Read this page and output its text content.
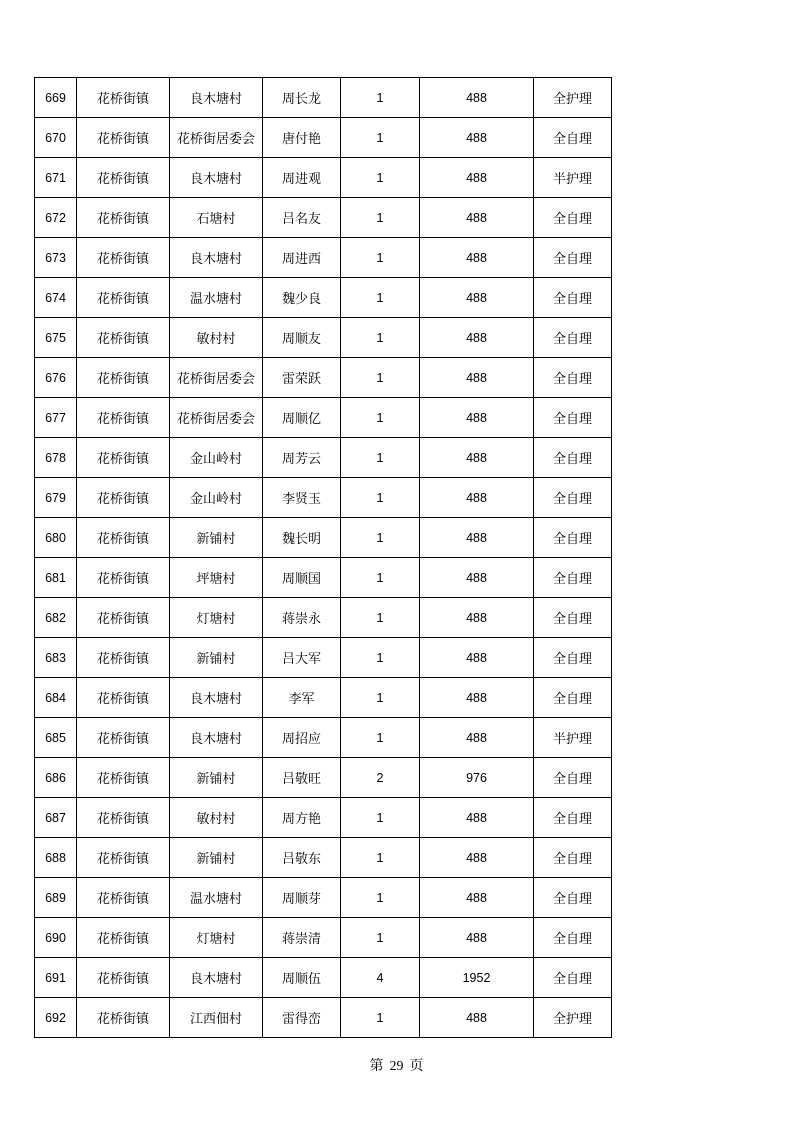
669	花桥街镇	良木塘村	周长龙	1	488	全护理
670	花桥街镇	花桥街居委会	唐付艳	1	488	全自理
671	花桥街镇	良木塘村	周进观	1	488	半护理
672	花桥街镇	石塘村	吕名友	1	488	全自理
673	花桥街镇	良木塘村	周进西	1	488	全自理
674	花桥街镇	温水塘村	魏少良	1	488	全自理
675	花桥街镇	敏村村	周顺友	1	488	全自理
676	花桥街镇	花桥街居委会	雷荣跃	1	488	全自理
677	花桥街镇	花桥街居委会	周顺亿	1	488	全自理
678	花桥街镇	金山岭村	周芳云	1	488	全自理
679	花桥街镇	金山岭村	李贤玉	1	488	全自理
680	花桥街镇	新铺村	魏长明	1	488	全自理
681	花桥街镇	坪塘村	周顺国	1	488	全自理
682	花桥街镇	灯塘村	蒋崇永	1	488	全自理
683	花桥街镇	新铺村	吕大军	1	488	全自理
684	花桥街镇	良木塘村	李军	1	488	全自理
685	花桥街镇	良木塘村	周招应	1	488	半护理
686	花桥街镇	新铺村	吕敬旺	2	976	全自理
687	花桥街镇	敏村村	周方艳	1	488	全自理
688	花桥街镇	新铺村	吕敬东	1	488	全自理
689	花桥街镇	温水塘村	周顺芽	1	488	全自理
690	花桥街镇	灯塘村	蒋崇清	1	488	全自理
691	花桥街镇	良木塘村	周顺伍	4	1952	全自理
692	花桥街镇	江西佃村	雷得峦	1	488	全护理
第 29 页
